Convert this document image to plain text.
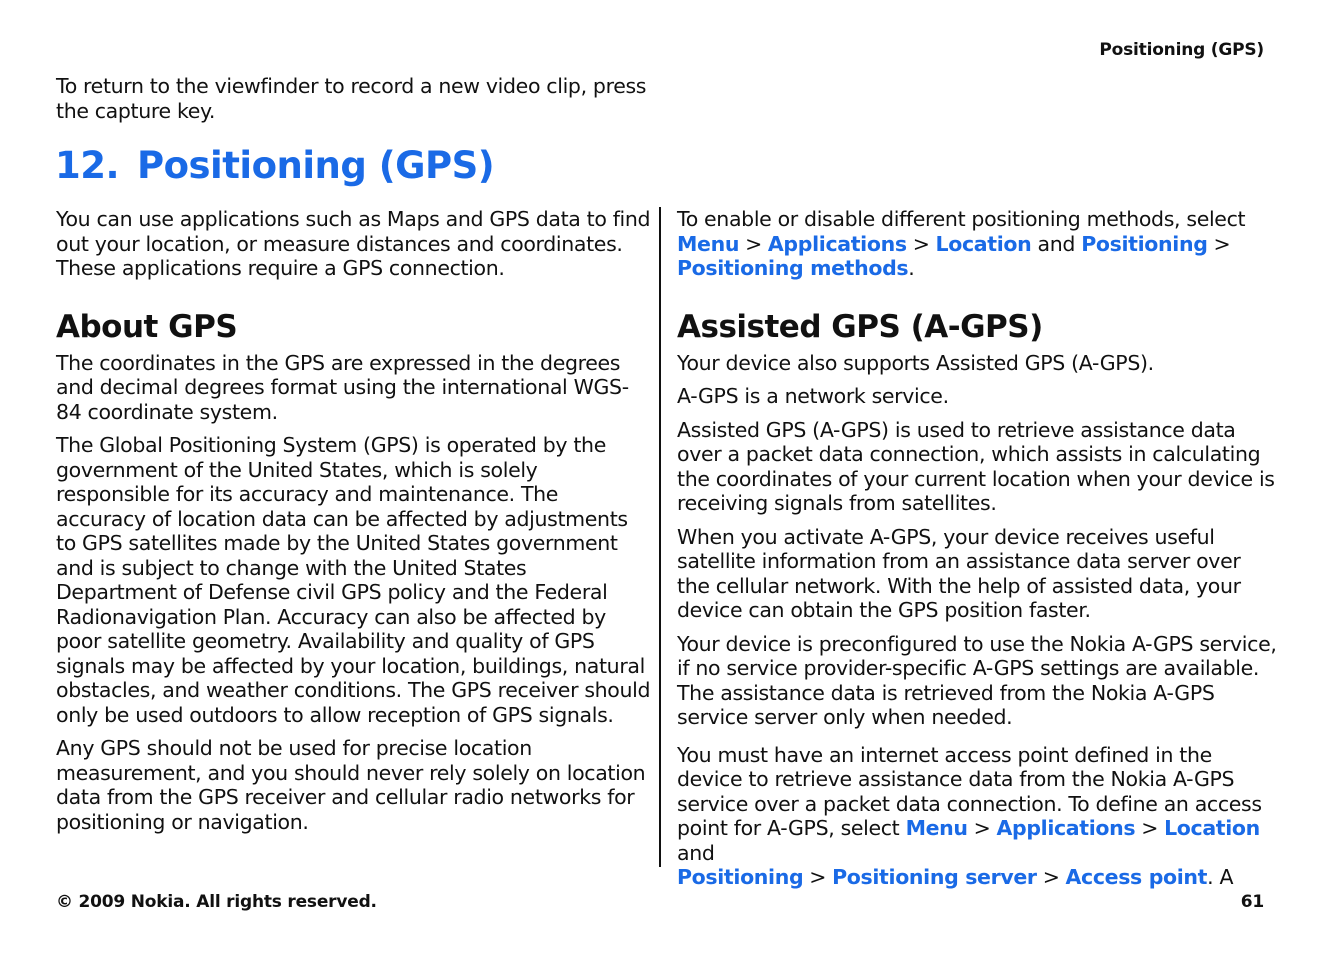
Positioning (GPS)

To return to the viewfinder to record a new video clip, press the capture key.

12. Positioning (GPS)

You can use applications such as Maps and GPS data to find out your location, or measure distances and coordinates. These applications require a GPS connection.

About GPS

The coordinates in the GPS are expressed in the degrees and decimal degrees format using the international WGS-84 coordinate system.

The Global Positioning System (GPS) is operated by the government of the United States, which is solely responsible for its accuracy and maintenance. The accuracy of location data can be affected by adjustments to GPS satellites made by the United States government and is subject to change with the United States Department of Defense civil GPS policy and the Federal Radionavigation Plan. Accuracy can also be affected by poor satellite geometry. Availability and quality of GPS signals may be affected by your location, buildings, natural obstacles, and weather conditions. The GPS receiver should only be used outdoors to allow reception of GPS signals.

Any GPS should not be used for precise location measurement, and you should never rely solely on location data from the GPS receiver and cellular radio networks for positioning or navigation.

To enable or disable different positioning methods, select
Menu > Applications > Location and Positioning >
Positioning methods.

Assisted GPS (A-GPS)

Your device also supports Assisted GPS (A-GPS).

A-GPS is a network service.

Assisted GPS (A-GPS) is used to retrieve assistance data over a packet data connection, which assists in calculating the coordinates of your current location when your device is receiving signals from satellites.

When you activate A-GPS, your device receives useful satellite information from an assistance data server over the cellular network. With the help of assisted data, your device can obtain the GPS position faster.

Your device is preconfigured to use the Nokia A-GPS service, if no service provider-specific A-GPS settings are available. The assistance data is retrieved from the Nokia A-GPS service server only when needed.

You must have an internet access point defined in the device to retrieve assistance data from the Nokia A-GPS service over a packet data connection. To define an access point for A-GPS, select Menu > Applications > Location and
Positioning > Positioning server > Access point. A

© 2009 Nokia. All rights reserved.	61
